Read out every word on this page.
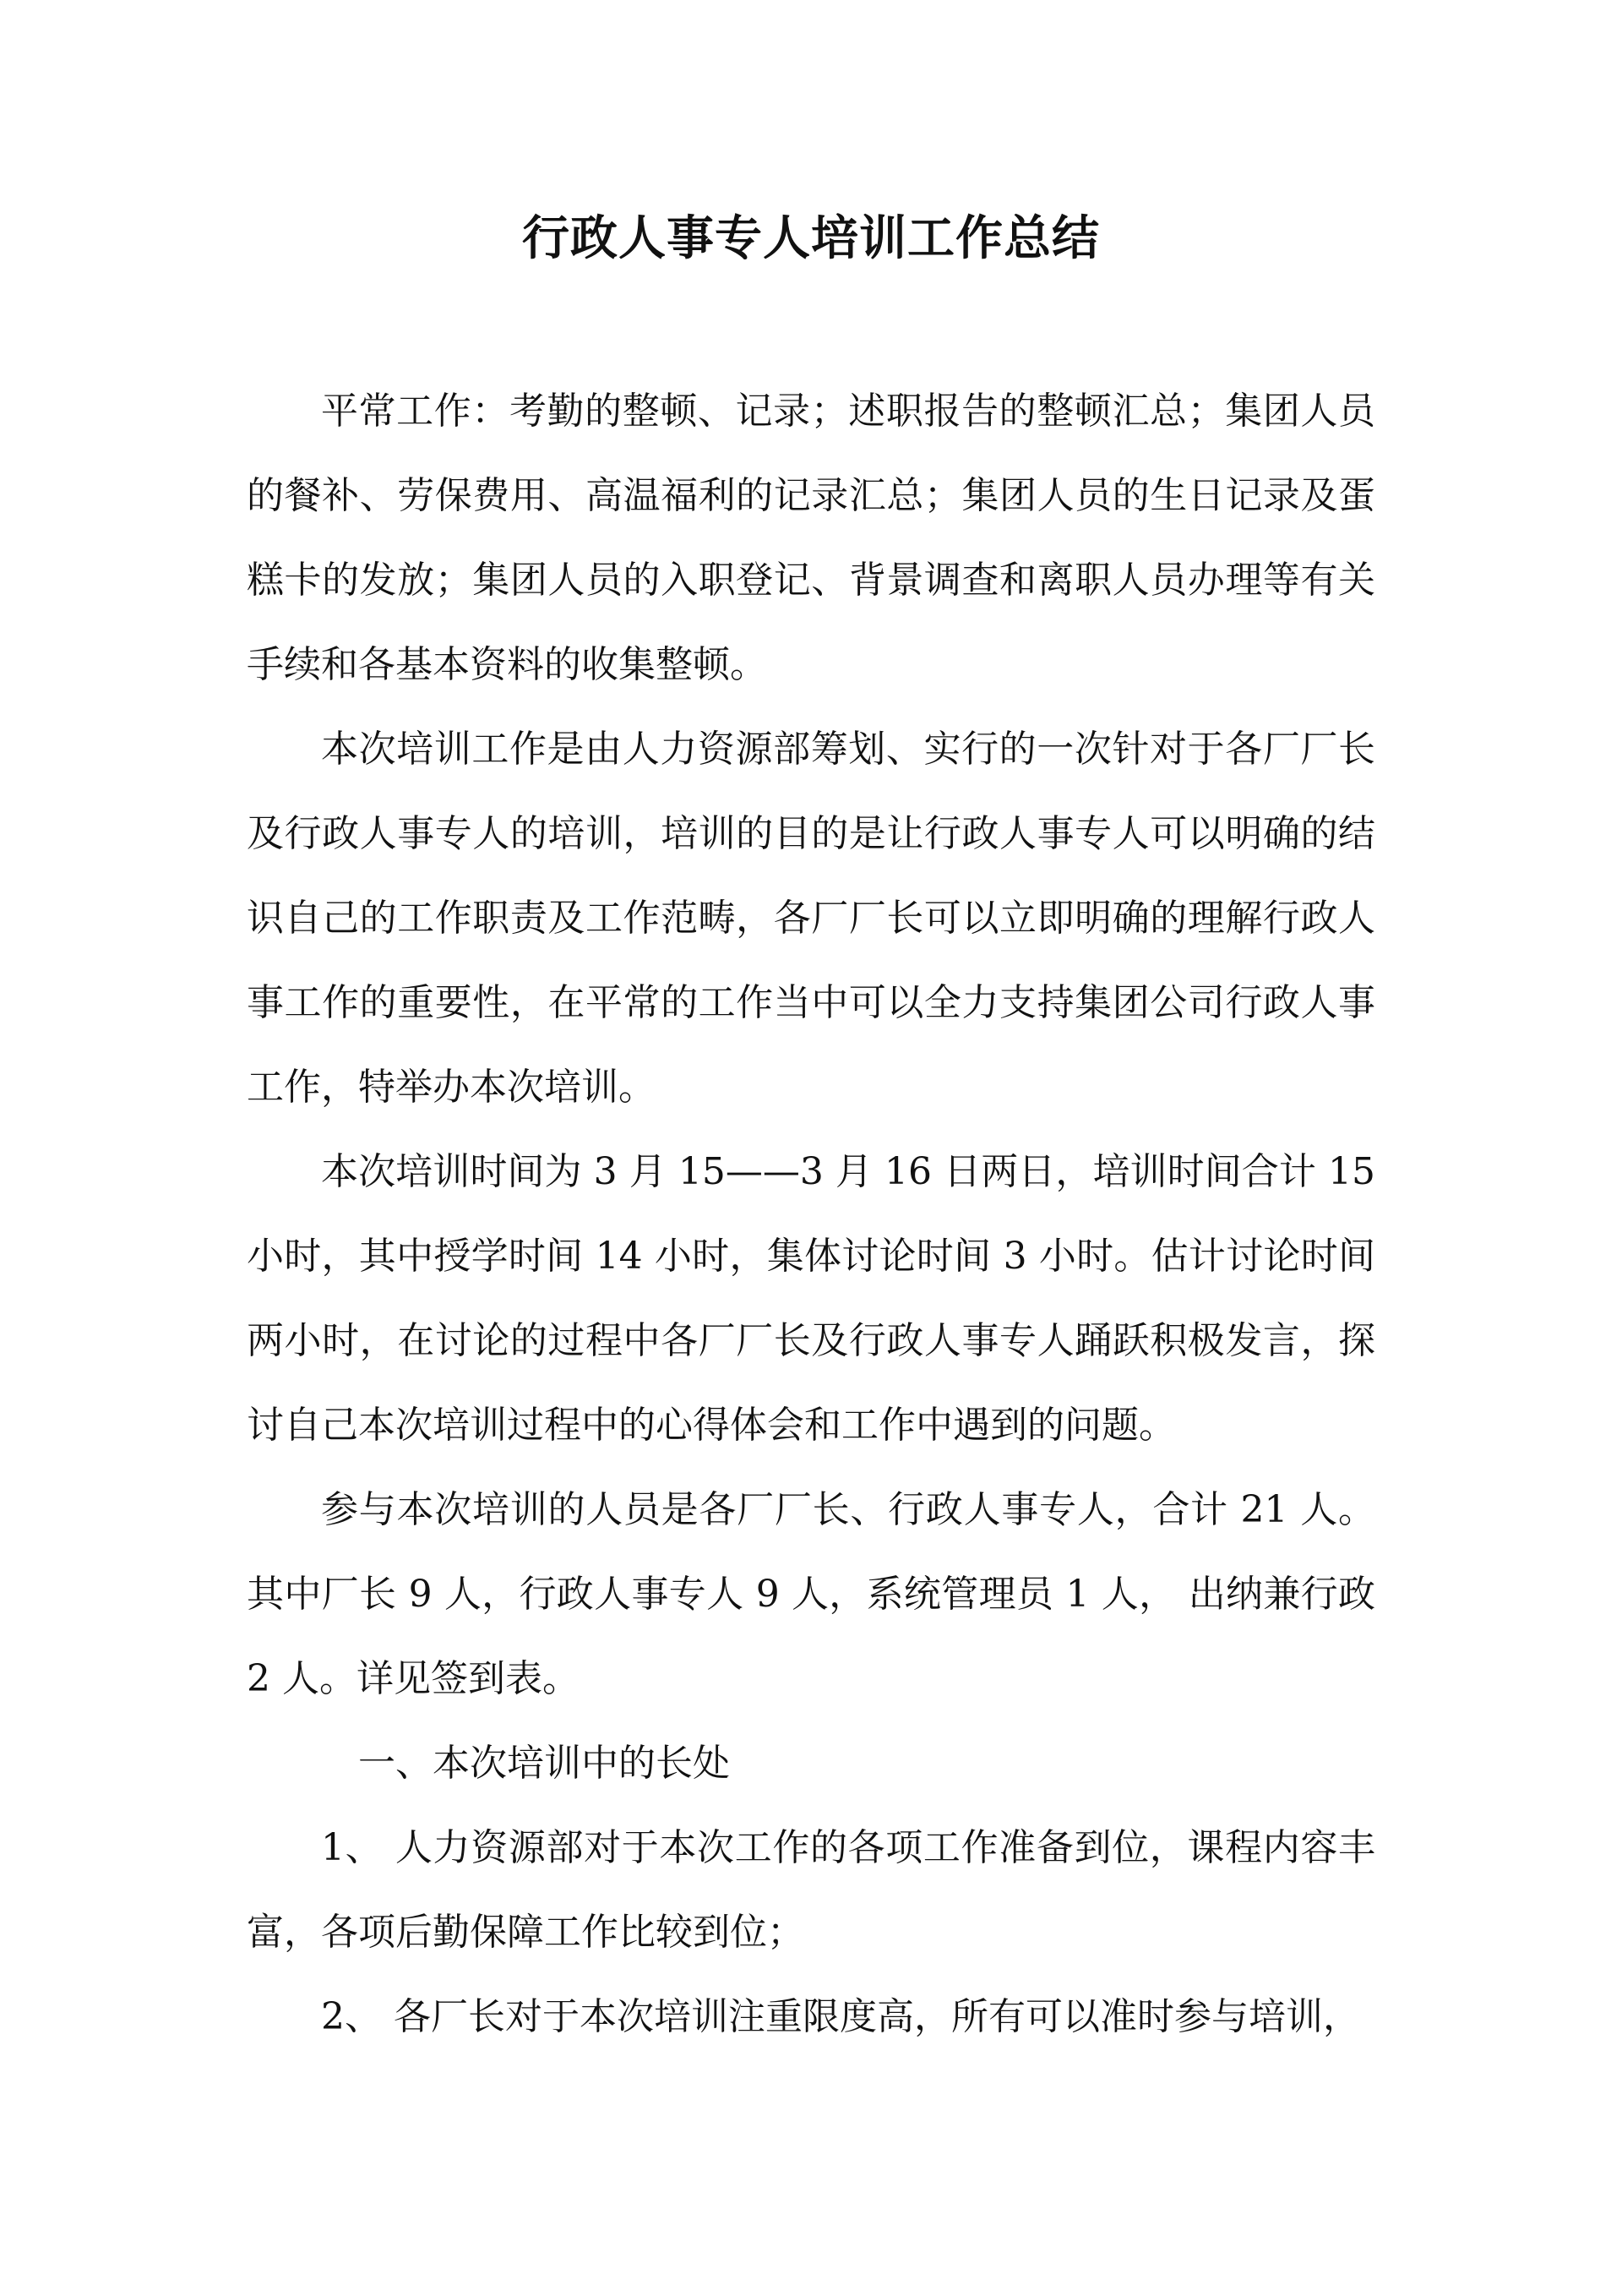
行政人事专人培训工作总结

平常工作：考勤的整顿、记录；述职报告的整顿汇总；集团人员的餐补、劳保费用、高温福利的记录汇总；集团人员的生日记录及蛋糕卡的发放；集团人员的入职登记、背景调查和离职人员办理等有关手续和各基本资料的收集整顿。

本次培训工作是由人力资源部筹划、实行的一次针对于各厂厂长及行政人事专人的培训，培训的目的是让行政人事专人可以明确的结识自己的工作职责及工作范畴，各厂厂长可以立即明确的理解行政人事工作的重要性，在平常的工作当中可以全力支持集团公司行政人事工作，特举办本次培训。

本次培训时间为 3 月 15——3 月 16 日两日，培训时间合计 15 小时，其中授学时间 14 小时，集体讨论时间 3 小时。估计讨论时间两小时，在讨论的过程中各厂厂长及行政人事专人踊跃积极发言，探讨自己本次培训过程中的心得体会和工作中遇到的问题。

参与本次培训的人员是各厂厂长、行政人事专人，合计 21 人。其中厂长 9 人，行政人事专人 9 人，系统管理员 1 人， 出纳兼行政 2 人。详见签到表。

一、本次培训中的长处

1、 人力资源部对于本次工作的各项工作准备到位，课程内容丰富，各项后勤保障工作比较到位；

2、 各厂长对于本次培训注重限度高，所有可以准时参与培训，
